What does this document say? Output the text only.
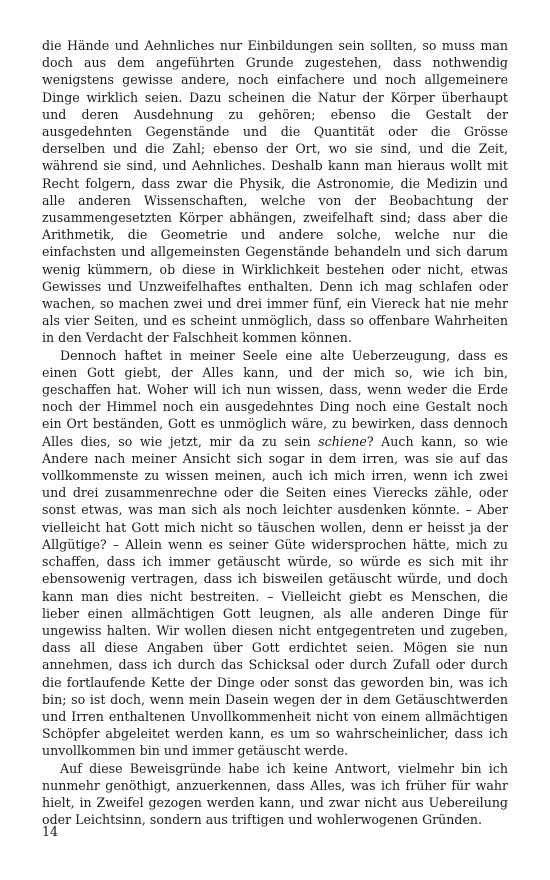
die Hände und Aehnliches nur Einbildungen sein sollten, so muss man doch aus dem angeführten Grunde zugestehen, dass nothwendig wenigstens gewisse andere, noch einfachere und noch allgemeinere Dinge wirklich seien. Dazu scheinen die Natur der Körper überhaupt und deren Ausdehnung zu gehören; ebenso die Gestalt der ausgedehnten Gegenstände und die Quantität oder die Grösse derselben und die Zahl; ebenso der Ort, wo sie sind, und die Zeit, während sie sind, und Aehnliches. Deshalb kann man hieraus wollt mit Recht folgern, dass zwar die Physik, die Astronomie, die Medizin und alle anderen Wissenschaften, welche von der Beobachtung der zusammengesetzten Körper abhängen, zweifelhaft sind; dass aber die Arithmetik, die Geometrie und andere solche, welche nur die einfachsten und allgemeinsten Gegenstände behandeln und sich darum wenig kümmern, ob diese in Wirklichkeit bestehen oder nicht, etwas Gewisses und Unzweifelhaftes enthalten. Denn ich mag schlafen oder wachen, so machen zwei und drei immer fünf, ein Viereck hat nie mehr als vier Seiten, und es scheint unmöglich, dass so offenbare Wahrheiten in den Verdacht der Falschheit kommen können.

Dennoch haftet in meiner Seele eine alte Ueberzeugung, dass es einen Gott giebt, der Alles kann, und der mich so, wie ich bin, geschaffen hat. Woher will ich nun wissen, dass, wenn weder die Erde noch der Himmel noch ein ausgedehntes Ding noch eine Gestalt noch ein Ort beständen, Gott es unmöglich wäre, zu bewirken, dass dennoch Alles dies, so wie jetzt, mir da zu sein schiene? Auch kann, so wie Andere nach meiner Ansicht sich sogar in dem irren, was sie auf das vollkommenste zu wissen meinen, auch ich mich irren, wenn ich zwei und drei zusammenrechne oder die Seiten eines Vierecks zähle, oder sonst etwas, was man sich als noch leichter ausdenken könnte. – Aber vielleicht hat Gott mich nicht so täuschen wollen, denn er heisst ja der Allgütige? – Allein wenn es seiner Güte widersprochen hätte, mich zu schaffen, dass ich immer getäuscht würde, so würde es sich mit ihr ebensowenig vertragen, dass ich bisweilen getäuscht würde, und doch kann man dies nicht bestreiten. – Vielleicht giebt es Menschen, die lieber einen allmächtigen Gott leugnen, als alle anderen Dinge für ungewiss halten. Wir wollen diesen nicht entgegentreten und zugeben, dass all diese Angaben über Gott erdichtet seien. Mögen sie nun annehmen, dass ich durch das Schicksal oder durch Zufall oder durch die fortlaufende Kette der Dinge oder sonst das geworden bin, was ich bin; so ist doch, wenn mein Dasein wegen der in dem Getäuschtwerden und Irren enthaltenen Unvollkommenheit nicht von einem allmächtigen Schöpfer abgeleitet werden kann, es um so wahrscheinlicher, dass ich unvollkommen bin und immer getäuscht werde.

Auf diese Beweisgründe habe ich keine Antwort, vielmehr bin ich nunmehr genöthigt, anzuerkennen, dass Alles, was ich früher für wahr hielt, in Zweifel gezogen werden kann, und zwar nicht aus Uebereilung oder Leichtsinn, sondern aus triftigen und wohlerwogenen Gründen.

14
